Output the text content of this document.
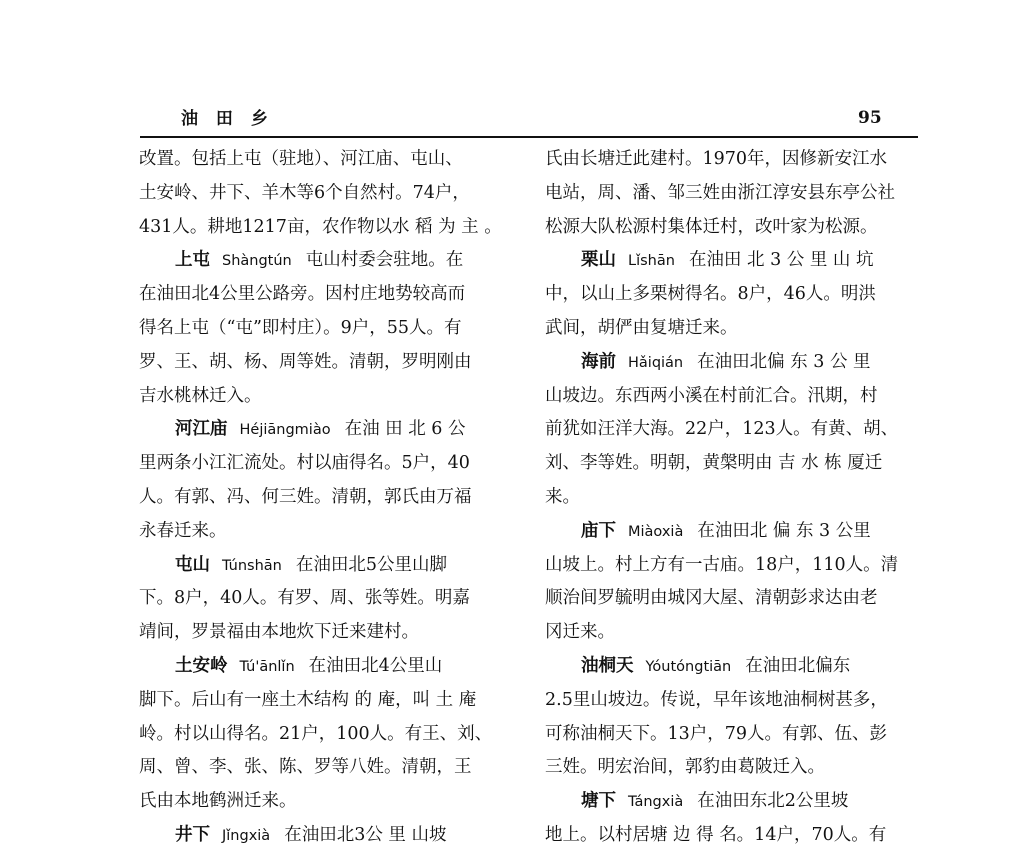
油 田 乡	95
改置。包括上屯（驻地）、河江庙、屯山、
土安岭、井下、羊木等6个自然村。74户，
431人。耕地1217亩，农作物以水 稻 为 主 。
上屯 Shàngtún 屯山村委会驻地。在
在油田北4公里公路旁。因村庄地势较高而
得名上屯（“屯”即村庄）。9户，55人。有
罗、王、胡、杨、周等姓。清朝，罗明刚由
吉水桃林迁入。
河江庙 Héjiāngmiào 在油 田 北 6 公
里两条小江汇流处。村以庙得名。5户，40
人。有郭、冯、何三姓。清朝，郭氏由万福
永春迁来。
屯山 Túnshān 在油田北5公里山脚
下。8户，40人。有罗、周、张等姓。明嘉
靖间，罗景福由本地炊下迁来建村。
土安岭 Tú'ānlǐn 在油田北4公里山
脚下。后山有一座土木结构 的 庵，叫 土 庵
岭。村以山得名。21户，100人。有王、刘、
周、曾、李、张、陈、罗等八姓。清朝，王
氏由本地鹤洲迁来。
井下 Jǐngxià 在油田北3公 里 山坡
氏由长塘迁此建村。1970年，因修新安江水
电站，周、潘、邹三姓由浙江淳安县东亭公社
松源大队松源村集体迁村，改叶家为松源。
栗山 Lǐshān 在油田 北 3 公 里 山 坑
中，以山上多栗树得名。8户，46人。明洪
武间，胡俨由复塘迁来。
海前 Hǎiqián 在油田北偏 东 3 公 里
山坡边。东西两小溪在村前汇合。汛期，村
前犹如汪洋大海。22户，123人。有黄、胡、
刘、李等姓。明朝，黄槃明由 吉 水 栋 厦迁
来。
庙下 Miàoxià 在油田北 偏 东 3 公里
山坡上。村上方有一古庙。18户，110人。清
顺治间罗毓明由城冈大屋、清朝彭求达由老
冈迁来。
油桐天 Yóutóngtiān 在油田北偏东
2.5里山坡边。传说，早年该地油桐树甚多，
可称油桐天下。13户，79人。有郭、伍、彭
三姓。明宏治间，郭豹由葛陂迁入。
塘下 Tángxià 在油田东北2公里坡
地上。以村居塘 边 得 名。14户，70人。有
